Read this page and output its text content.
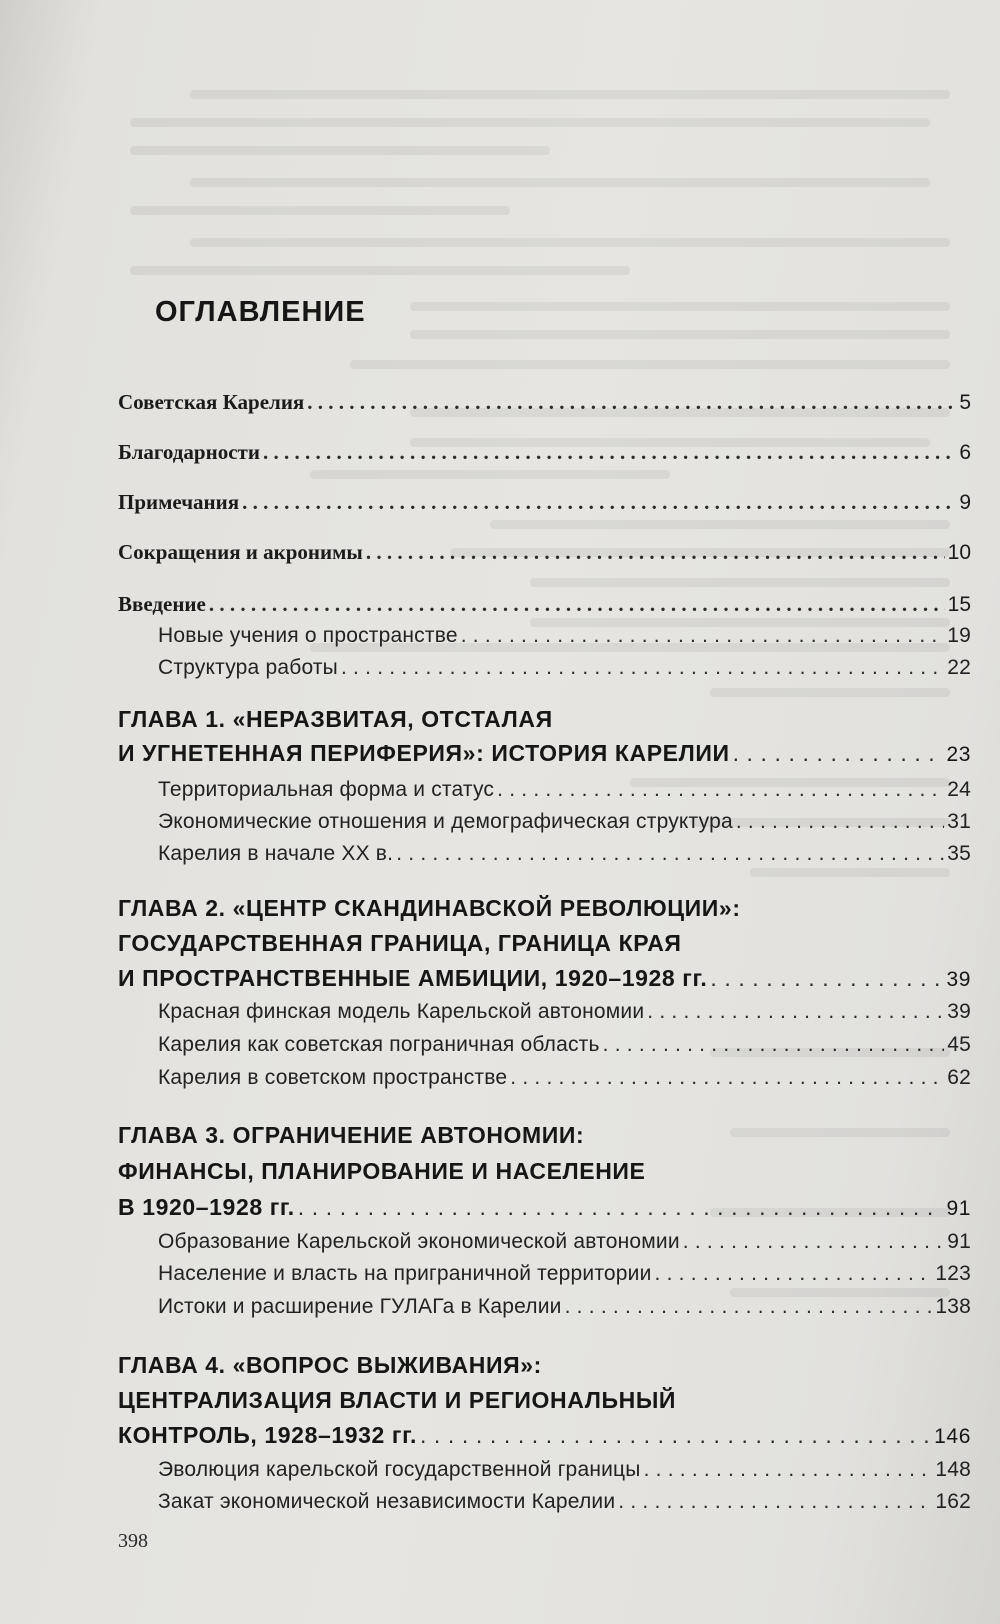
ОГЛАВЛЕНИЕ
Советская Карелия . . .	5
Благодарности . . .	6
Примечания . . .	9
Сокращения и акронимы . . .	10
Введение . . .	15
Новые учения о пространстве . . .	19
Структура работы . . .	22
ГЛАВА 1. «НЕРАЗВИТАЯ, ОТСТАЛАЯ
И УГНЕТЕННАЯ ПЕРИФЕРИЯ»: ИСТОРИЯ КАРЕЛИИ . . .	23
Территориальная форма и статус . . .	24
Экономические отношения и демографическая структура . . .	31
Карелия в начале XX в. . . .	35
ГЛАВА 2. «ЦЕНТР СКАНДИНАВСКОЙ РЕВОЛЮЦИИ»:
ГОСУДАРСТВЕННАЯ ГРАНИЦА, ГРАНИЦА КРАЯ
И ПРОСТРАНСТВЕННЫЕ АМБИЦИИ, 1920–1928 гг. . . .	39
Красная финская модель Карельской автономии . . .	39
Карелия как советская пограничная область . . .	45
Карелия в советском пространстве . . .	62
ГЛАВА 3. ОГРАНИЧЕНИЕ АВТОНОМИИ:
ФИНАНСЫ, ПЛАНИРОВАНИЕ И НАСЕЛЕНИЕ
В 1920–1928 гг. . . .	91
Образование Карельской экономической автономии . . .	91
Население и власть на приграничной территории . . .	123
Истоки и расширение ГУЛАГа в Карелии . . .	138
ГЛАВА 4. «ВОПРОС ВЫЖИВАНИЯ»:
ЦЕНТРАЛИЗАЦИЯ ВЛАСТИ И РЕГИОНАЛЬНЫЙ
КОНТРОЛЬ, 1928–1932 гг. . . .	146
Эволюция карельской государственной границы . . .	148
Закат экономической независимости Карелии . . .	162
398
